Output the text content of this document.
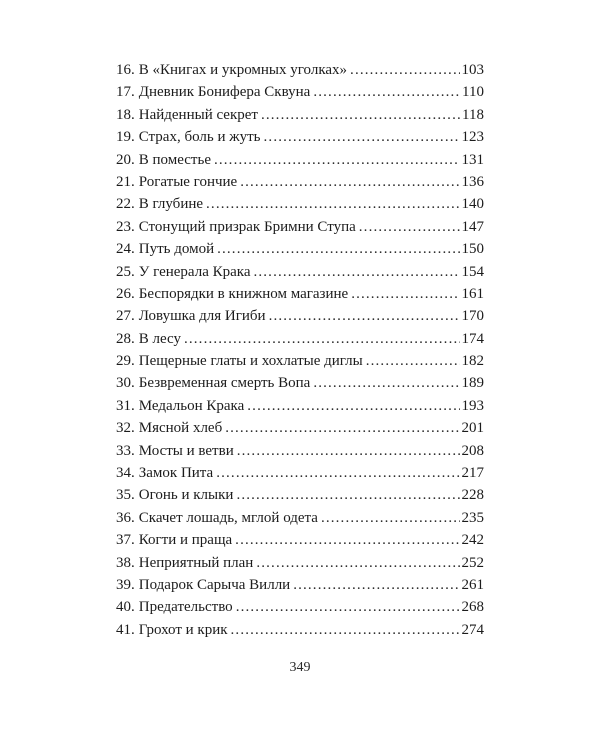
16. В «Книгах и укромных уголках» . . .	103
17. Дневник Бонифера Сквуна . . .	110
18. Найденный секрет . . .	118
19. Страх, боль и жуть . . .	123
20. В поместье . . .	131
21. Рогатые гончие . . .	136
22. В глубине . . .	140
23. Стонущий призрак Бримни Ступа . . .	147
24. Путь домой . . .	150
25. У генерала Крака . . .	154
26. Беспорядки в книжном магазине . . .	161
27. Ловушка для Игиби . . .	170
28. В лесу . . .	174
29. Пещерные глаты и хохлатые диглы . . .	182
30. Безвременная смерть Вопа . . .	189
31. Медальон Крака . . .	193
32. Мясной хлеб . . .	201
33. Мосты и ветви . . .	208
34. Замок Пита . . .	217
35. Огонь и клыки . . .	228
36. Скачет лошадь, мглой одета . . .	235
37. Когти и праща . . .	242
38. Неприятный план . . .	252
39. Подарок Сарыча Вилли . . .	261
40. Предательство . . .	268
41. Грохот и крик . . .	274
349
